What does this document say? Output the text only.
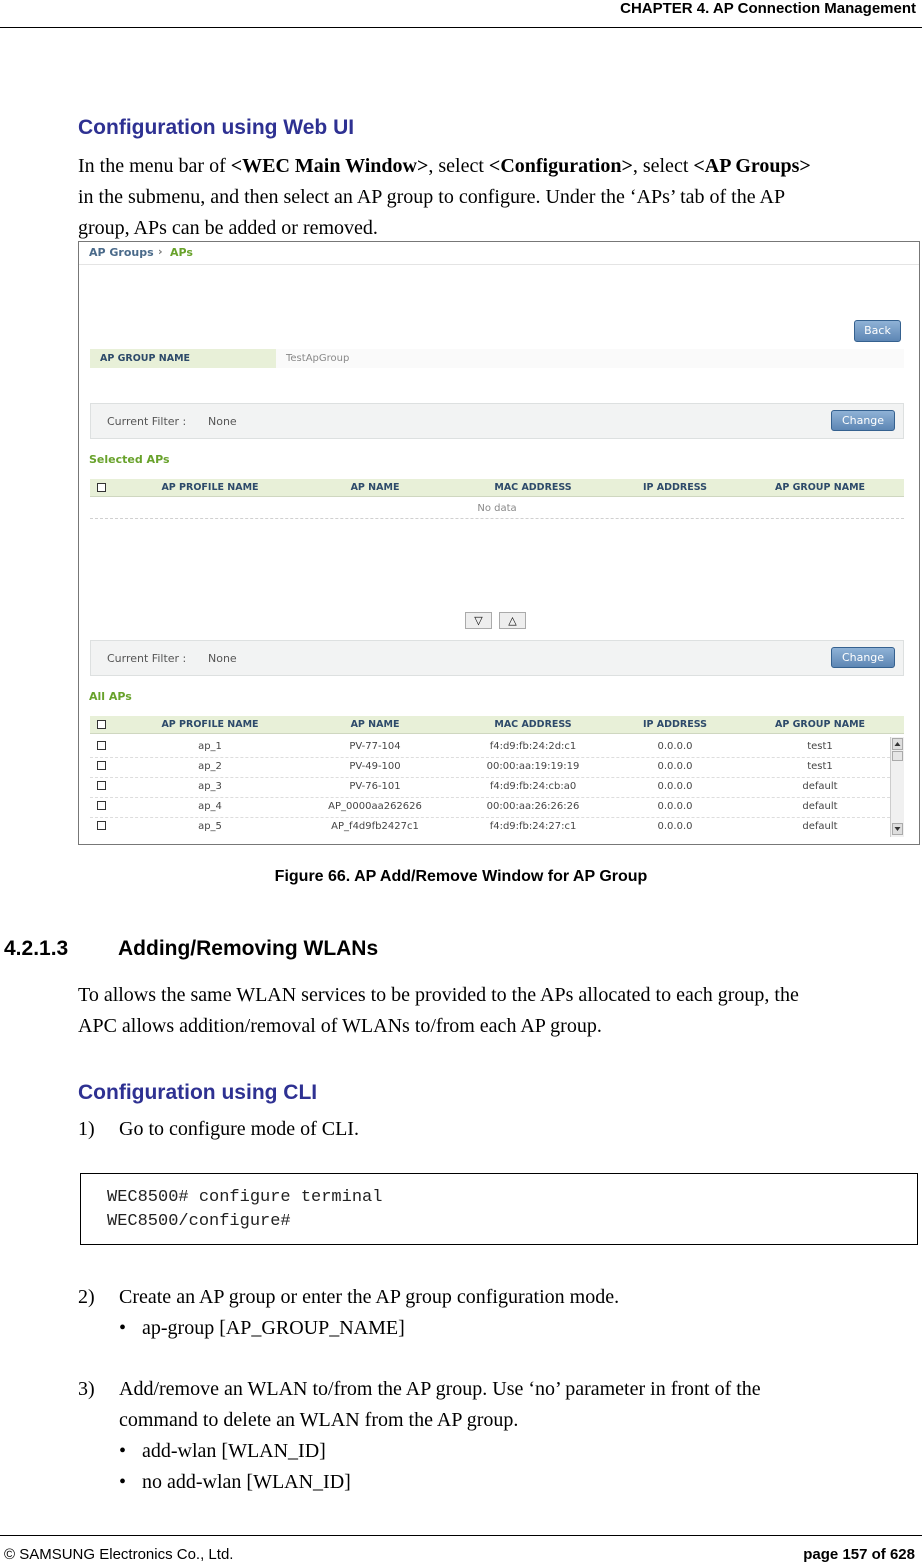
CHAPTER 4. AP Connection Management
Configuration using Web UI
In the menu bar of <WEC Main Window>, select <Configuration>, select <AP Groups>
in the submenu, and then select an AP group to configure. Under the ‘APs’ tab of the AP
group, APs can be added or removed.
AP Groups › APs
Back
AP GROUP NAME	TestApGroup
Current Filter : None	Change
Selected APs
AP PROFILE NAME	AP NAME	MAC ADDRESS	IP ADDRESS	AP GROUP NAME
No data
▽	△
Current Filter : None	Change
All APs
AP PROFILE NAME	AP NAME	MAC ADDRESS	IP ADDRESS	AP GROUP NAME
ap_1	PV-77-104	f4:d9:fb:24:2d:c1	0.0.0.0	test1
ap_2	PV-49-100	00:00:aa:19:19:19	0.0.0.0	test1
ap_3	PV-76-101	f4:d9:fb:24:cb:a0	0.0.0.0	default
ap_4	AP_0000aa262626	00:00:aa:26:26:26	0.0.0.0	default
ap_5	AP_f4d9fb2427c1	f4:d9:fb:24:27:c1	0.0.0.0	default
Figure 66. AP Add/Remove Window for AP Group
4.2.1.3 Adding/Removing WLANs
To allows the same WLAN services to be provided to the APs allocated to each group, the
APC allows addition/removal of WLANs to/from each AP group.
Configuration using CLI
1) Go to configure mode of CLI.
WEC8500# configure terminal
WEC8500/configure#
2) Create an AP group or enter the AP group configuration mode.
• ap-group [AP_GROUP_NAME]
3) Add/remove an WLAN to/from the AP group. Use ‘no’ parameter in front of the
command to delete an WLAN from the AP group.
• add-wlan [WLAN_ID]
• no add-wlan [WLAN_ID]
© SAMSUNG Electronics Co., Ltd.	page 157 of 628
